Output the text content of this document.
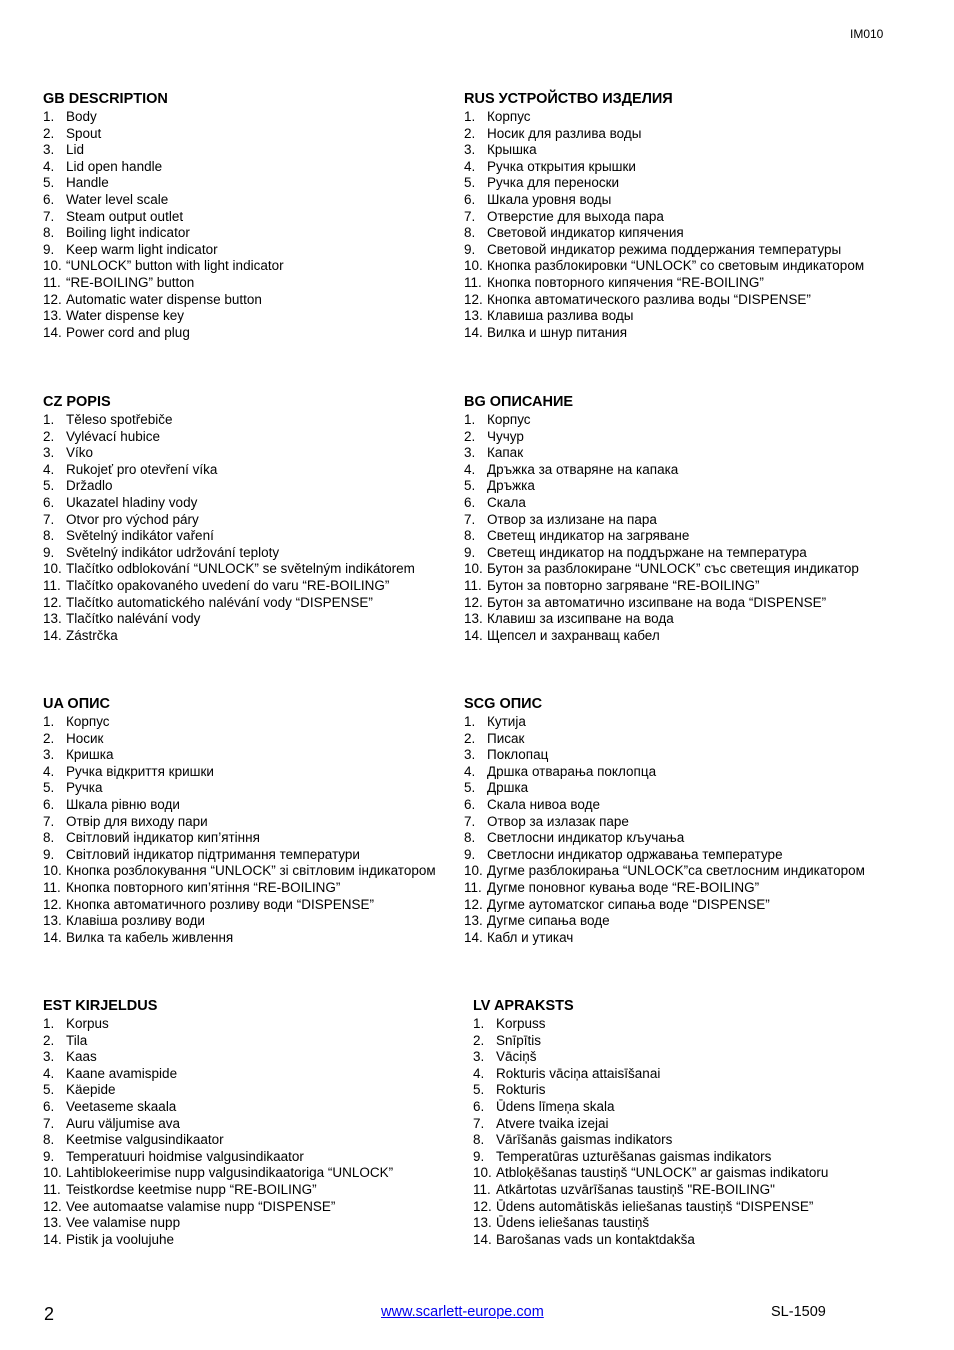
IM010
GB DESCRIPTION
1. Body
2. Spout
3. Lid
4. Lid open handle
5. Handle
6. Water level scale
7. Steam output outlet
8. Boiling light indicator
9. Keep warm light indicator
10. “UNLOCK” button with light indicator
11. “RE-BOILING” button
12. Automatic water dispense button
13. Water dispense key
14. Power cord and plug
RUS УСТРОЙСТВО ИЗДЕЛИЯ
1. Корпус
2. Носик для разлива воды
3. Крышка
4. Ручка открытия крышки
5. Ручка для переноски
6. Шкала уровня воды
7. Отверстие для выхода пара
8. Световой индикатор кипячения
9. Световой индикатор режима поддержания температуры
10. Кнопка разблокировки “UNLOCK” со световым индикатором
11. Кнопка повторного кипячения “RE-BOILING”
12. Кнопка автоматического разлива воды “DISPENSE”
13. Клавиша разлива воды
14. Вилка и шнур питания
CZ POPIS
1. Těleso spotřebiče
2. Vylévací hubice
3. Víko
4. Rukojeť pro otevření víka
5. Držadlo
6. Ukazatel hladiny vody
7. Otvor pro východ páry
8. Světelný indikátor vaření
9. Světelný indikátor udržování teploty
10. Tlačítko odblokování “UNLOCK” se světelným indikátorem
11. Tlačítko opakovaného uvedení do varu “RE-BOILING”
12. Tlačítko automatického nalévání vody “DISPENSE”
13. Tlačítko nalévání vody
14. Zástrčka
BG ОПИСАНИЕ
1. Корпус
2. Чучур
3. Капак
4. Дръжка за отваряне на капака
5. Дръжка
6. Скала
7. Отвор за излизане на пара
8. Светещ индикатор на загряване
9. Светещ индикатор на поддържане на температура
10. Бутон за разблокиране “UNLOCK” със светещия индикатор
11. Бутон за повторно загряване “RE-BOILING”
12. Бутон за автоматично изсипване на вода “DISPENSE”
13. Клавиш за изсипване на вода
14. Щепсел и захранващ кабел
UA ОПИС
1. Корпус
2. Носик
3. Кришка
4. Ручка відкриття кришки
5. Ручка
6. Шкала рівню води
7. Отвір для виходу пари
8. Світловий індикатор кип’ятіння
9. Світловий індикатор підтримання температури
10. Кнопка розблокування “UNLOCK” зі світловим індикатором
11. Кнопка повторного кип’ятіння “RE-BOILING”
12. Кнопка автоматичного розливу води “DISPENSE”
13. Клавіша розливу води
14. Вилка та кабель живлення
SCG ОПИС
1. Кутија
2. Писак
3. Поклопац
4. Дршка отварања поклопца
5. Дршка
6. Скала нивоа воде
7. Отвор за излазак паре
8. Светлосни индикатор кључања
9. Светлосни индикатор одржавања температуре
10. Дугме разблокирања “UNLOCK”са светлосним индикатором
11. Дугме поновног кувања воде “RE-BOILING”
12. Дугме аутоматског сипања воде “DISPENSE”
13. Дугме сипања воде
14. Кабл и утикач
EST KIRJELDUS
1. Korpus
2. Tila
3. Kaas
4. Kaane avamispide
5. Käepide
6. Veetaseme skaala
7. Auru väljumise ava
8. Keetmise valgusindikaator
9. Temperatuuri hoidmise valgusindikaator
10. Lahtiblokeerimise nupp valgusindikaatoriga “UNLOCK”
11. Teistkordse keetmise nupp “RE-BOILING”
12. Vee automaatse valamise nupp “DISPENSE”
13. Vee valamise nupp
14. Pistik ja voolujuhe
LV APRAKSTS
1. Korpuss
2. Snīpītis
3. Vāciņš
4. Rokturis vāciņa attaisīšanai
5. Rokturis
6. Ūdens līmeņa skala
7. Atvere tvaika izejai
8. Vārīšanās gaismas indikators
9. Temperatūras uzturēšanas gaismas indikators
10. Atbloķēšanas taustiņš “UNLOCK” ar gaismas indikatoru
11. Atkārtotas uzvārīšanas taustiņš "RE-BOILING"
12. Ūdens automātiskās ieliešanas taustiņš “DISPENSE”
13. Ūdens ieliešanas taustiņš
14. Barošanas vads un kontaktdakša
2	www.scarlett-europe.com	SL-1509
